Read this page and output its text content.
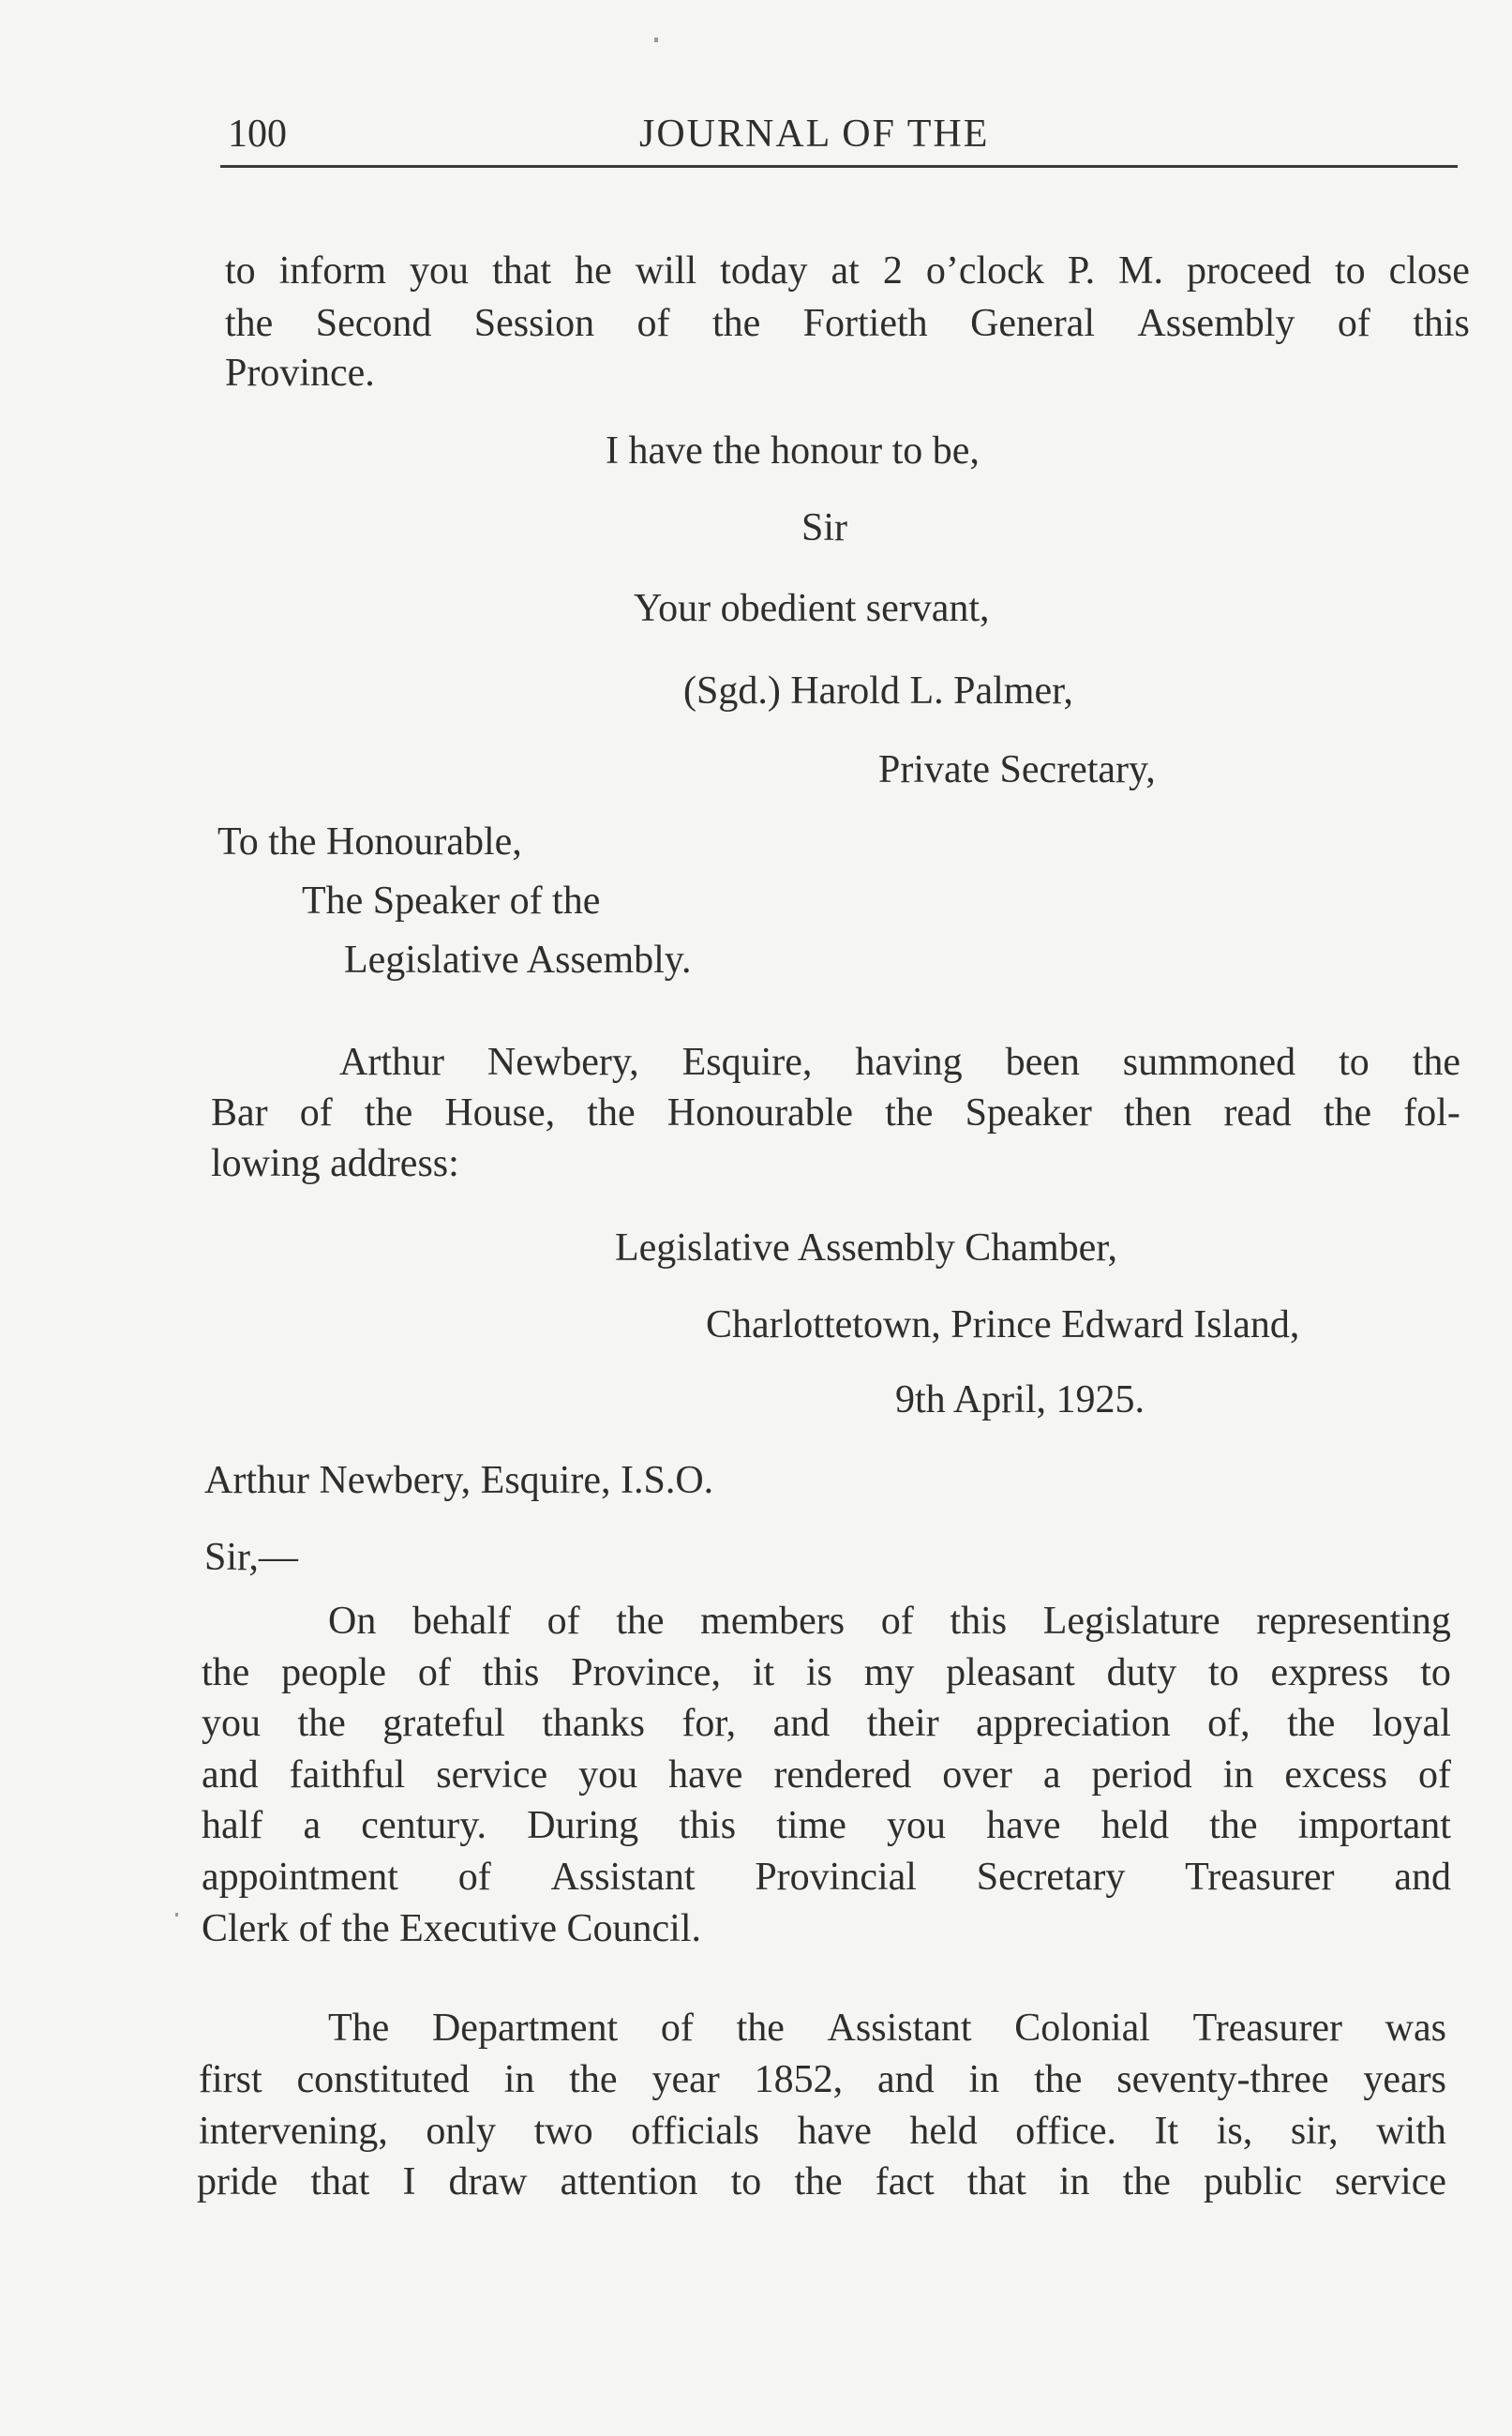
100	JOURNAL OF THE
to inform you that he will today at 2 o’clock P. M. proceed to close
the Second Session of the Fortieth General Assembly of this
Province.
I have the honour to be,
Sir
Your obedient servant,
(Sgd.) Harold L. Palmer,
Private Secretary,
To the Honourable,
The Speaker of the
Legislative Assembly.
Arthur Newbery, Esquire, having been summoned to the
Bar of the House, the Honourable the Speaker then read the fol-
lowing address:
Legislative Assembly Chamber,
Charlottetown, Prince Edward Island,
9th April, 1925.
Arthur Newbery, Esquire, I.S.O.
Sir,—
On behalf of the members of this Legislature representing
the people of this Province, it is my pleasant duty to express to
you the grateful thanks for, and their appreciation of, the loyal
and faithful service you have rendered over a period in excess of
half a century. During this time you have held the important
appointment of Assistant Provincial Secretary Treasurer and
Clerk of the Executive Council.
The Department of the Assistant Colonial Treasurer was
first constituted in the year 1852, and in the seventy-three years
intervening, only two officials have held office. It is, sir, with
pride that I draw attention to the fact that in the public service
